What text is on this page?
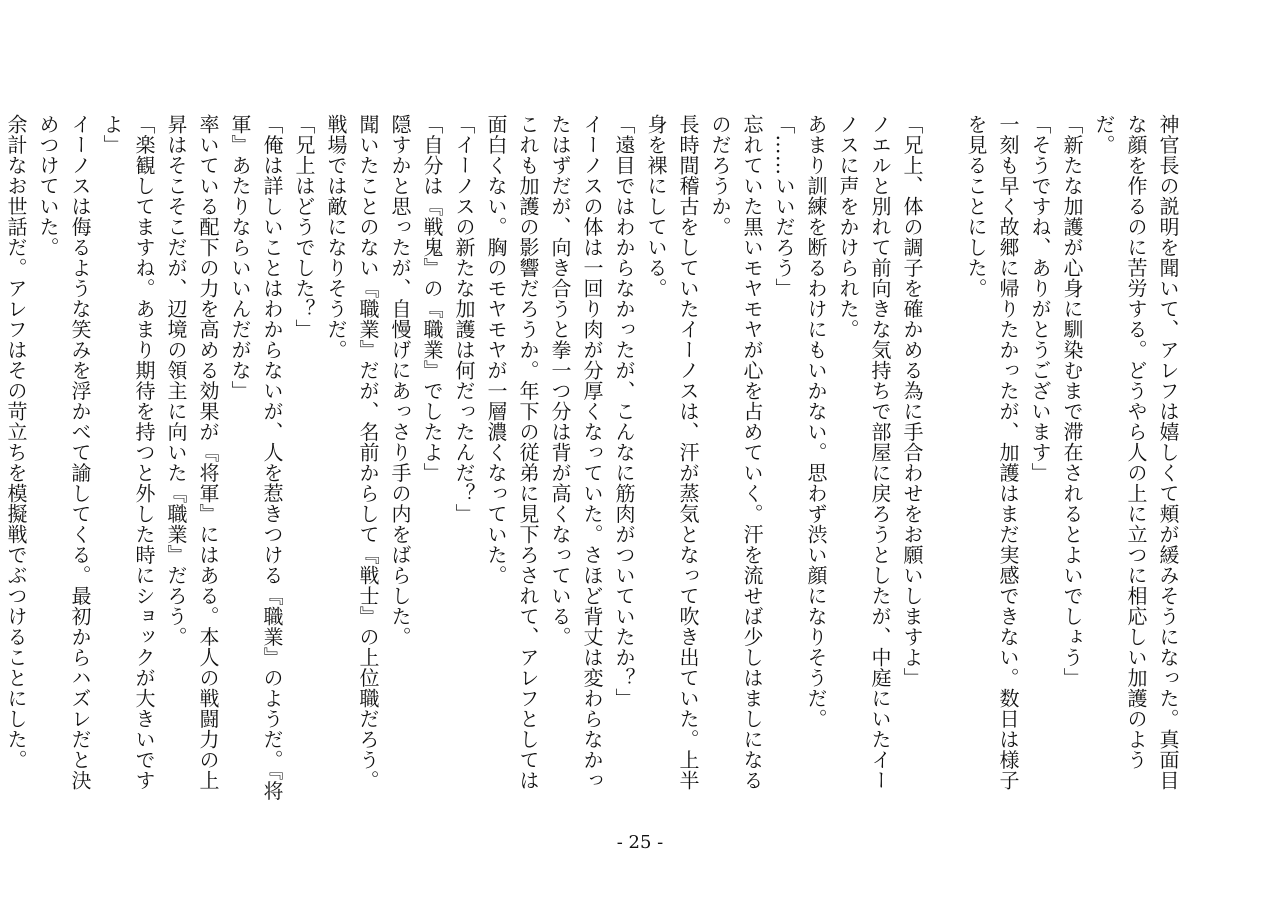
神官長の説明を聞いて、アレフは嬉しくて頬が緩みそうになった。真面目な顔を作るのに苦労する。どうやら人の上に立つに相応しい加護のようだ。

「新たな加護が心身に馴染むまで滞在されるとよいでしょう」

「そうですね、ありがとうございます」

一刻も早く故郷に帰りたかったが、加護はまだ実感できない。数日は様子を見ることにした。

「兄上、体の調子を確かめる為に手合わせをお願いしますよ」

ノエルと別れて前向きな気持ちで部屋に戻ろうとしたが、中庭にいたイーノスに声をかけられた。

あまり訓練を断るわけにもいかない。思わず渋い顔になりそうだ。

「……いいだろう」

忘れていた黒いモヤモヤが心を占めていく。汗を流せば少しはましになるのだろうか。

長時間稽古をしていたイーノスは、汗が蒸気となって吹き出ていた。上半身を裸にしている。

「遠目ではわからなかったが、こんなに筋肉がついていたか？」

イーノスの体は一回り肉が分厚くなっていた。さほど背丈は変わらなかったはずだが、向き合うと拳一つ分は背が高くなっている。

これも加護の影響だろうか。年下の従弟に見下ろされて、アレフとしては面白くない。胸のモヤモヤが一層濃くなっていた。

「イーノスの新たな加護は何だったんだ？」

「自分は『戦鬼』の『職業』でしたよ」

隠すかと思ったが、自慢げにあっさり手の内をばらした。

聞いたことのない『職業』だが、名前からして『戦士』の上位職だろう。戦場では敵になりそうだ。

「兄上はどうでした？」

「俺は詳しいことはわからないが、人を惹きつける『職業』のようだ。『将軍』あたりならいいんだがな」

率いている配下の力を高める効果が『将軍』にはある。本人の戦闘力の上昇はそこそこだが、辺境の領主に向いた『職業』だろう。

「楽観してますね。あまり期待を持つと外した時にショックが大きいですよ」

イーノスは侮るような笑みを浮かべて諭してくる。最初からハズレだと決めつけていた。

余計なお世話だ。アレフはその苛立ちを模擬戦でぶつけることにした。

- 25 -
